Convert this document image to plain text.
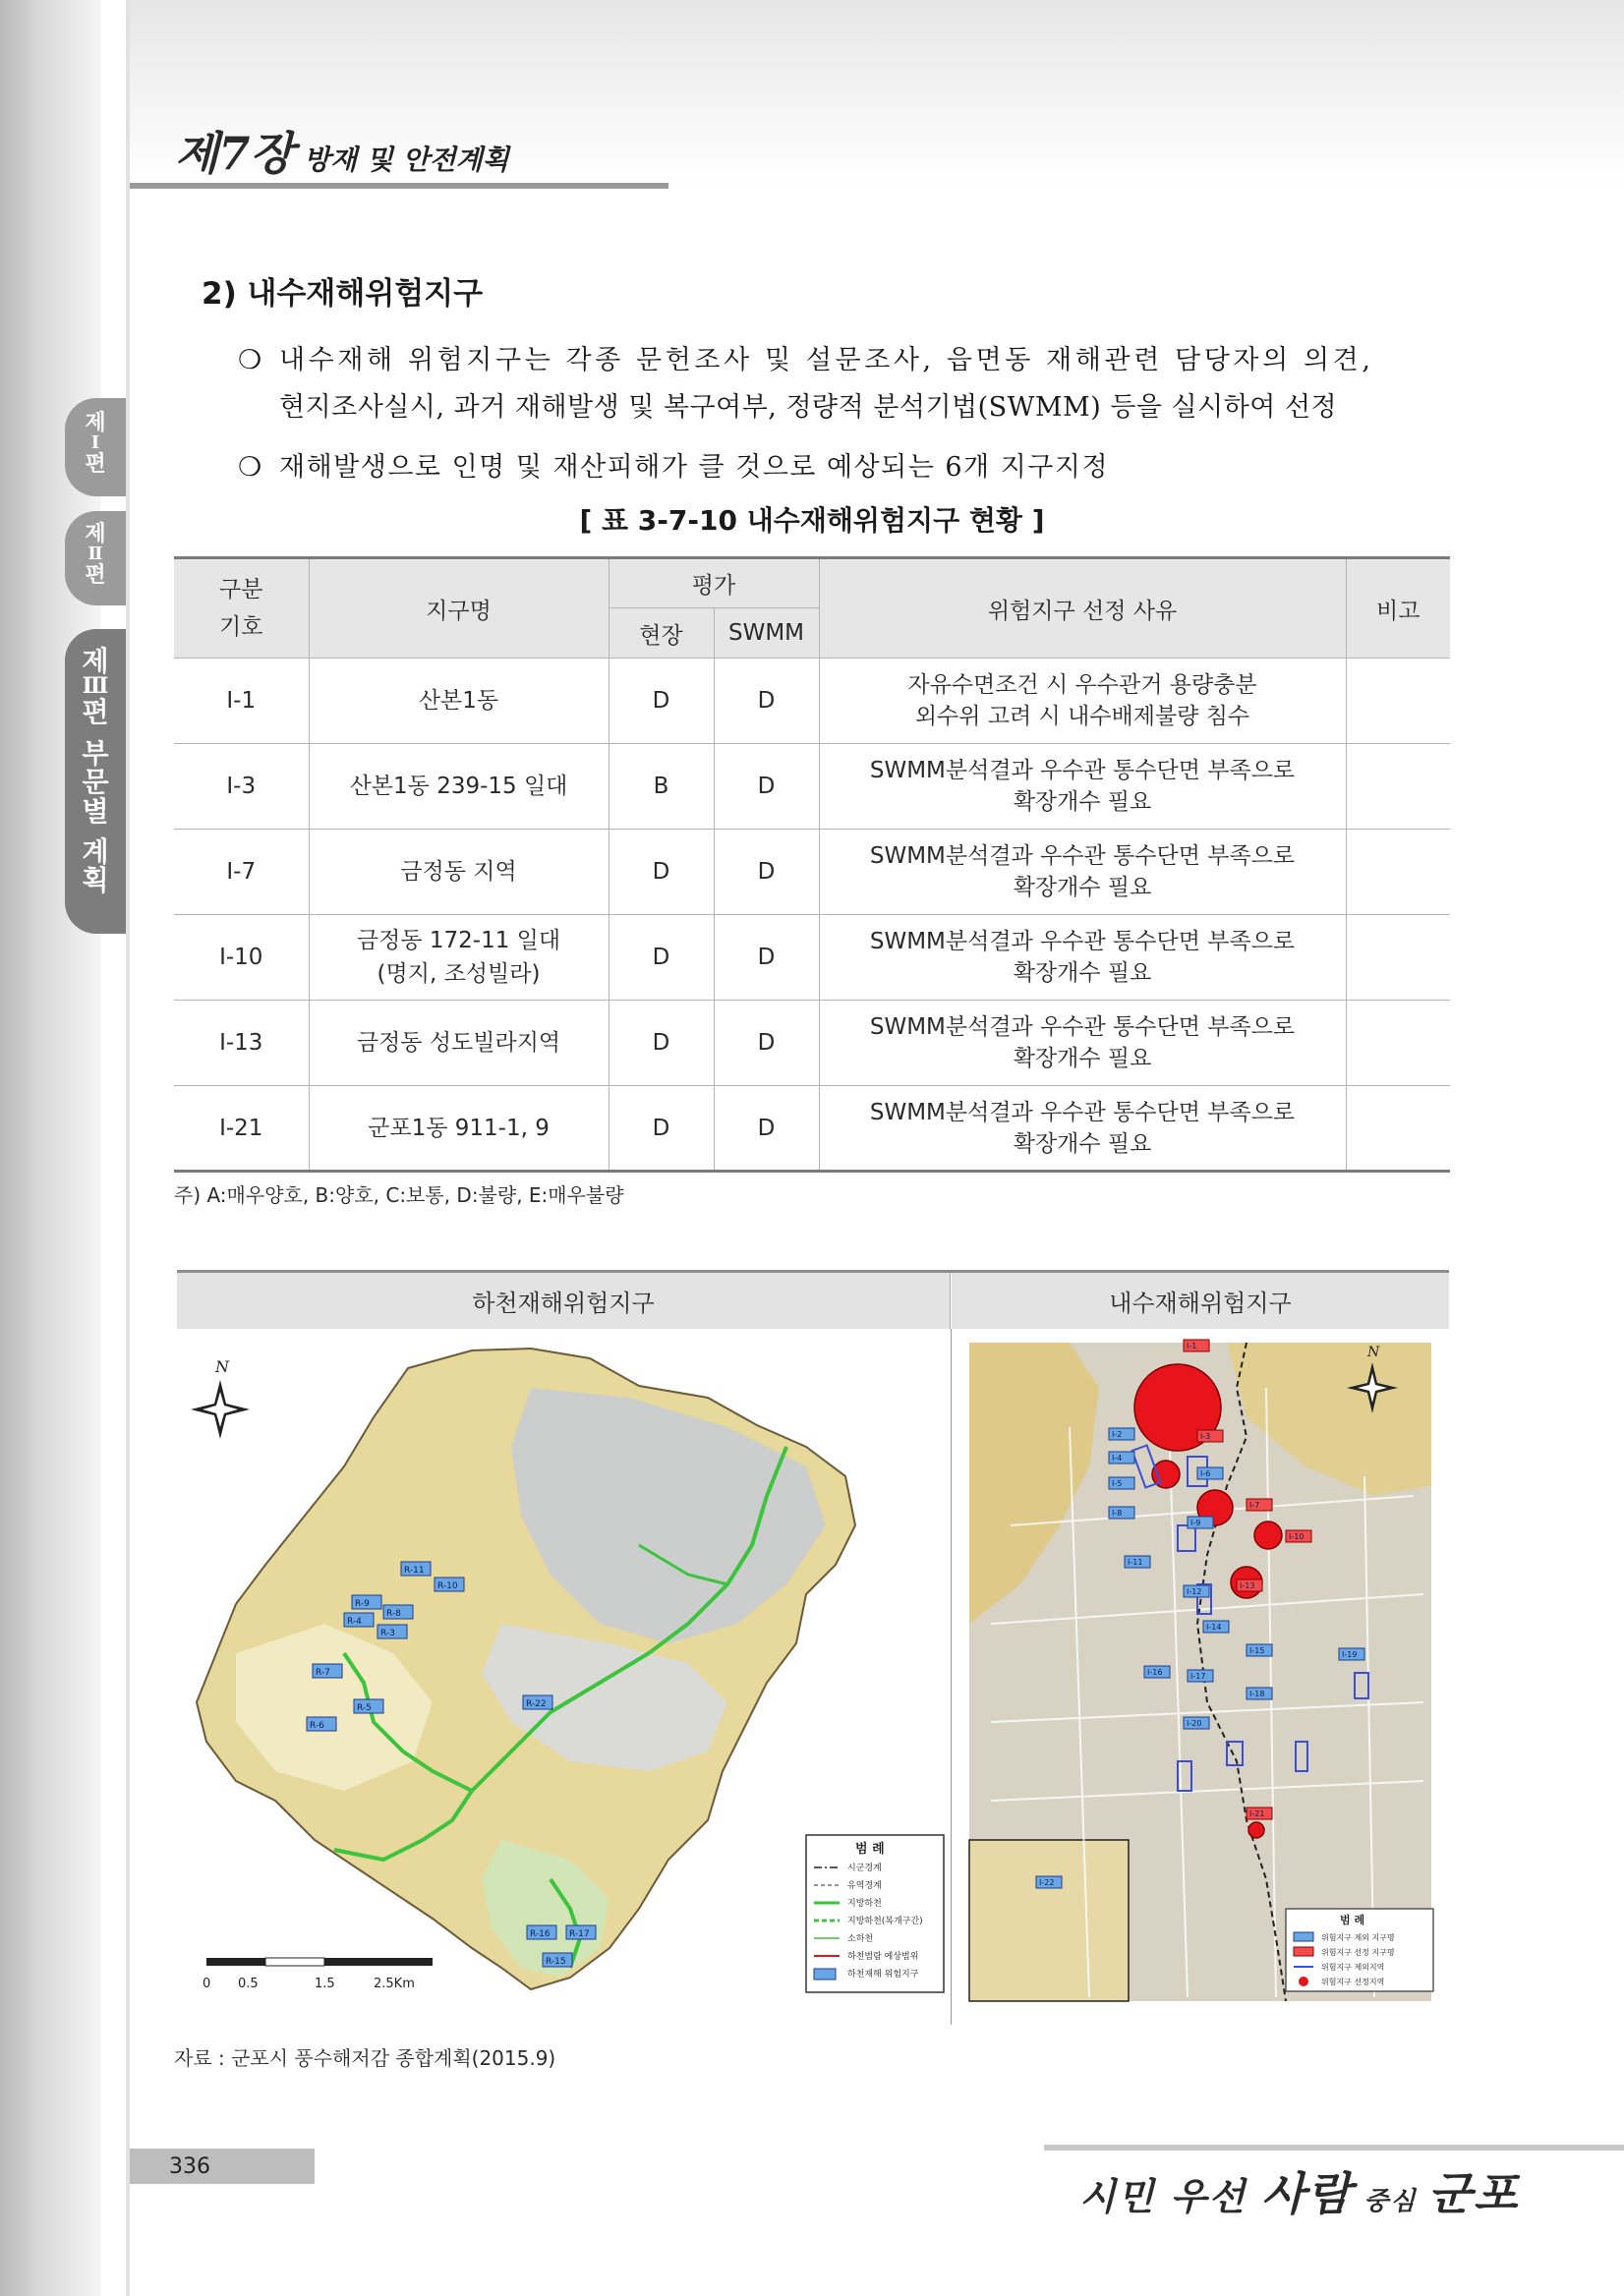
제7장 방재 및 안전계획
제
Ⅰ
편
제
Ⅱ
편
제
Ⅲ
편
부
문
별
계
획
2) 내수재해위험지구
❍ 내수재해 위험지구는 각종 문헌조사 및 설문조사, 읍면동 재해관련 담당자의 의견,
현지조사실시, 과거 재해발생 및 복구여부, 정량적 분석기법(SWMM) 등을 실시하여 선정
❍ 재해발생으로 인명 및 재산피해가 클 것으로 예상되는 6개 지구지정
[ 표 3-7-10 내수재해위험지구 현황 ]
구분
기호	지구명	평가		위험지구 선정 사유	비고
		현장	SWMM		
I-1	산본1동	D	D	자유수면조건 시 우수관거 용량충분
외수위 고려 시 내수배제불량 침수	

I-3	산본1동 239-15 일대	B	D	SWMM분석결과 우수관 통수단면 부족으로
확장개수 필요	

I-7	금정동 지역	D	D	SWMM분석결과 우수관 통수단면 부족으로
확장개수 필요	

I-10	금정동 172-11 일대
(명지, 조성빌라)	D	D	SWMM분석결과 우수관 통수단면 부족으로
확장개수 필요	

I-13	금정동 성도빌라지역	D	D	SWMM분석결과 우수관 통수단면 부족으로
확장개수 필요	

I-21	군포1동 911-1, 9	D	D	SWMM분석결과 우수관 통수단면 부족으로
확장개수 필요	

주) A:매우양호, B:양호, C:보통, D:불량, E:매우불량
하천재해위험지구	내수재해위험지구
N
0 0.5	1.5	2.5Km
R-11
R-10
R-9
R-8
R-4
R-3
R-7
R-5
R-6
R-22
R-16 R-17
R-15
범 례
시군경계
유역경계
지방하천
지방하천(복개구간)
소하천
하천범람 예상범위
하천재해 위험지구
N
I-1
I-2	I-3
I-4
I-5
I-6
I-7
I-8
I-9
I-10
I-11
I-12
I-13
I-14
I-15
I-16	I-17
I-18
I-19
I-20
I-21
I-22
범 례
위험지구 제외 지구명
위험지구 선정 지구명
위험지구 제외지역
위험지구 선정지역
자료 : 군포시 풍수해저감 종합계획(2015.9)
336
시민 우선 사람 중심 군포
